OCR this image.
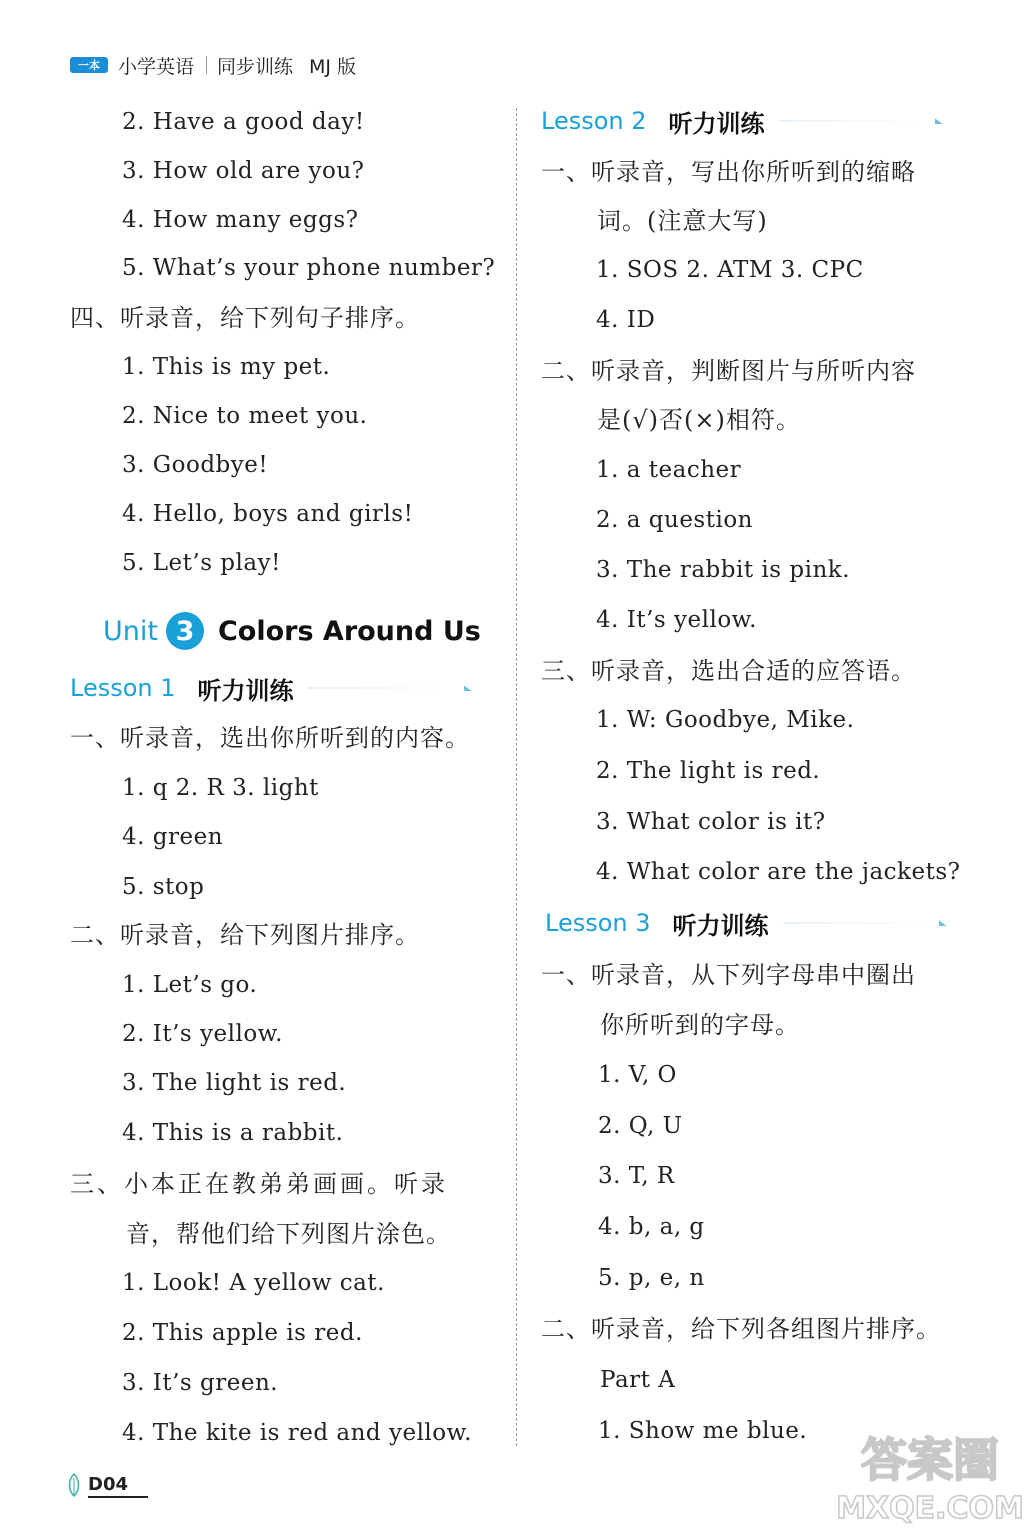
一本 小学英语 同步训练 MJ 版
2. Have a good day!
3. How old are you?
4. How many eggs?
5. What’s your phone number?
四、听录音，给下列句子排序。
1. This is my pet.
2. Nice to meet you.
3. Goodbye!
4. Hello, boys and girls!
5. Let’s play!
Unit 3 Colors Around Us
Lesson 1 听力训练
一、听录音，选出你所听到的内容。
1. q 2. R 3. light
4. green
5. stop
二、听录音，给下列图片排序。
1. Let’s go.
2. It’s yellow.
3. The light is red.
4. This is a rabbit.
三、小本正在教弟弟画画。听录
音，帮他们给下列图片涂色。
1. Look! A yellow cat.
2. This apple is red.
3. It’s green.
4. The kite is red and yellow.
Lesson 2 听力训练
一、听录音，写出你所听到的缩略
词。(注意大写)
1. SOS 2. ATM 3. CPC
4. ID
二、听录音，判断图片与所听内容
是(√)否(×)相符。
1. a teacher
2. a question
3. The rabbit is pink.
4. It’s yellow.
三、听录音，选出合适的应答语。
1. W: Goodbye, Mike.
2. The light is red.
3. What color is it?
4. What color are the jackets?
Lesson 3 听力训练
一、听录音，从下列字母串中圈出
你所听到的字母。
1. V, O
2. Q, U
3. T, R
4. b, a, g
5. p, e, n
二、听录音，给下列各组图片排序。
Part A
1. Show me blue.
D04	答案圈
MXQE.COM
